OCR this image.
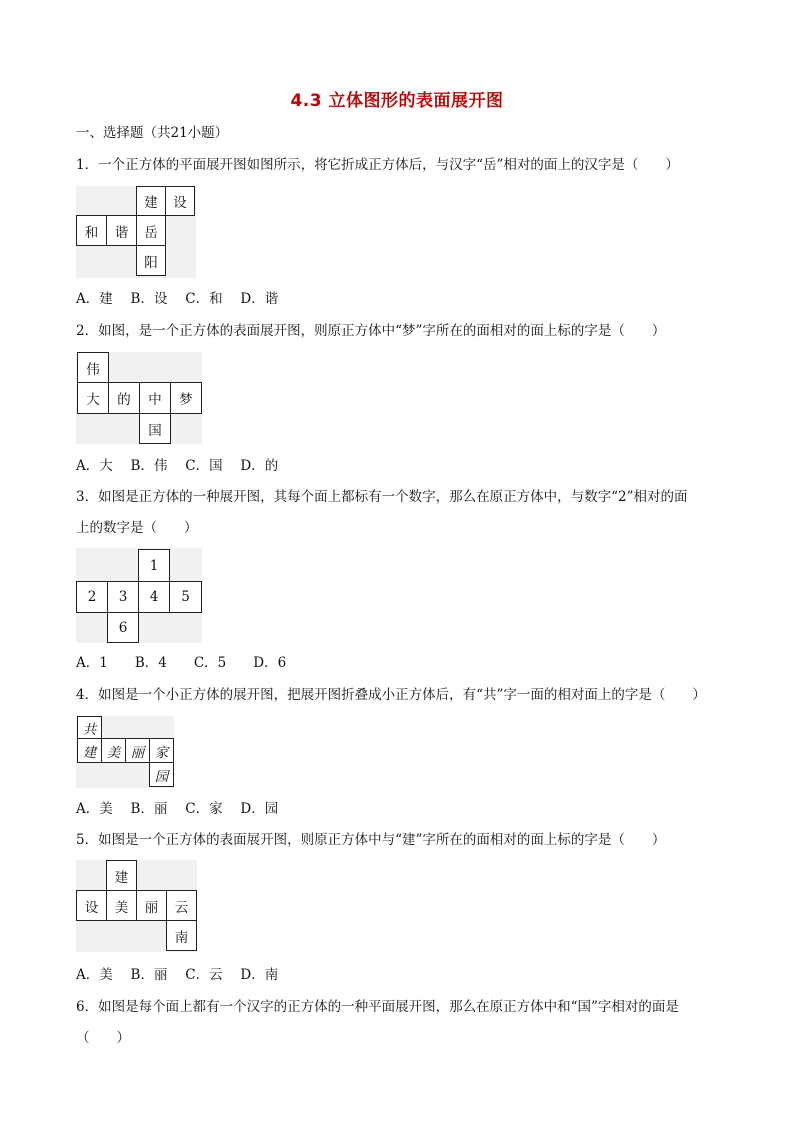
4.3 立体图形的表面展开图
一、选择题（共21小题）
1．一个正方体的平面展开图如图所示，将它折成正方体后，与汉字“岳”相对的面上的汉字是（　　）
建	设
和	谐	岳
阳
A．建　 B．设　 C．和　 D．谐
2．如图，是一个正方体的表面展开图，则原正方体中“梦”字所在的面相对的面上标的字是（　　）
伟
大	的	中	梦
国
A．大　 B．伟　 C．国　 D．的
3．如图是正方体的一种展开图，其每个面上都标有一个数字，那么在原正方体中，与数字“2”相对的面
上的数字是（　　）
1
2	3	4	5
6
A．1　　B．4　　C．5　　D．6
4．如图是一个小正方体的展开图，把展开图折叠成小正方体后，有“共”字一面的相对面上的字是（　　）
共
建 美 丽 家
园
A．美　 B．丽　 C．家　 D．园
5．如图是一个正方体的表面展开图，则原正方体中与“建”字所在的面相对的面上标的字是（　　）
建
设	美	丽	云
南
A．美　 B．丽　 C．云　 D．南
6．如图是每个面上都有一个汉字的正方体的一种平面展开图，那么在原正方体中和“国”字相对的面是
（　　）
